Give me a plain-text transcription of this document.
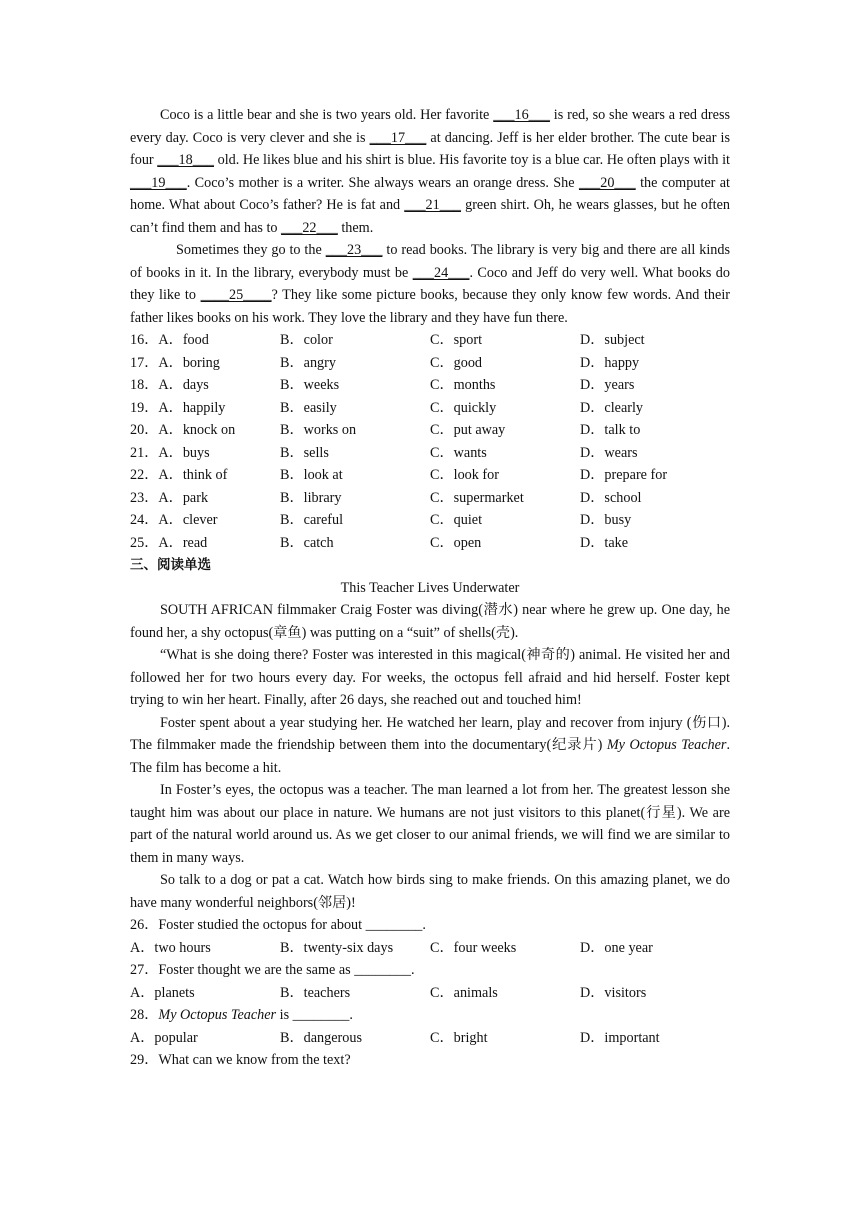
Coco is a little bear and she is two years old. Her favorite ___16___ is red, so she wears a red dress every day. Coco is very clever and she is ___17___ at dancing. Jeff is her elder brother. The cute bear is four ___18___ old. He likes blue and his shirt is blue. His favorite toy is a blue car. He often plays with it ___19___. Coco’s mother is a writer. She always wears an orange dress. She ___20___ the computer at home. What about Coco’s father? He is fat and ___21___ green shirt. Oh, he wears glasses, but he often can’t find them and has to ___22___ them.

Sometimes they go to the ___23___ to read books. The library is very big and there are all kinds of books in it. In the library, everybody must be ___24___. Coco and Jeff do very well. What books do they like to ____25____? They like some picture books, because they only know few words. And their father likes books on his work. They love the library and they have fun there.

16．A．food	B．color	C．sport	D．subject
17．A．boring	B．angry	C．good	D．happy
18．A．days	B．weeks	C．months	D．years
19．A．happily	B．easily	C．quickly	D．clearly
20．A．knock on	B．works on	C．put away	D．talk to
21．A．buys	B．sells	C．wants	D．wears
22．A．think of	B．look at	C．look for	D．prepare for
23．A．park	B．library	C．supermarket	D．school
24．A．clever	B．careful	C．quiet	D．busy
25．A．read	B．catch	C．open	D．take
三、阅读单选
This Teacher Lives Underwater

SOUTH AFRICAN filmmaker Craig Foster was diving(潜水) near where he grew up. One day, he found her, a shy octopus(章鱼) was putting on a “suit” of shells(壳).

“What is she doing there? Foster was interested in this magical(神奇的) animal. He visited her and followed her for two hours every day. For weeks, the octopus fell afraid and hid herself. Foster kept trying to win her heart. Finally, after 26 days, she reached out and touched him!

Foster spent about a year studying her. He watched her learn, play and recover from injury (伤口). The filmmaker made the friendship between them into the documentary(纪录片) My Octopus Teacher. The film has become a hit.

In Foster’s eyes, the octopus was a teacher. The man learned a lot from her. The greatest lesson she taught him was about our place in nature. We humans are not just visitors to this planet(行星). We are part of the natural world around us. As we get closer to our animal friends, we will find we are similar to them in many ways.

So talk to a dog or pat a cat. Watch how birds sing to make friends. On this amazing planet, we do have many wonderful neighbors(邻居)!

26．Foster studied the octopus for about ________.
A．two hours	B．twenty-six days	C．four weeks	D．one year
27．Foster thought we are the same as ________.
A．planets	B．teachers	C．animals	D．visitors
28．My Octopus Teacher is ________.
A．popular	B．dangerous	C．bright	D．important
29．What can we know from the text?
